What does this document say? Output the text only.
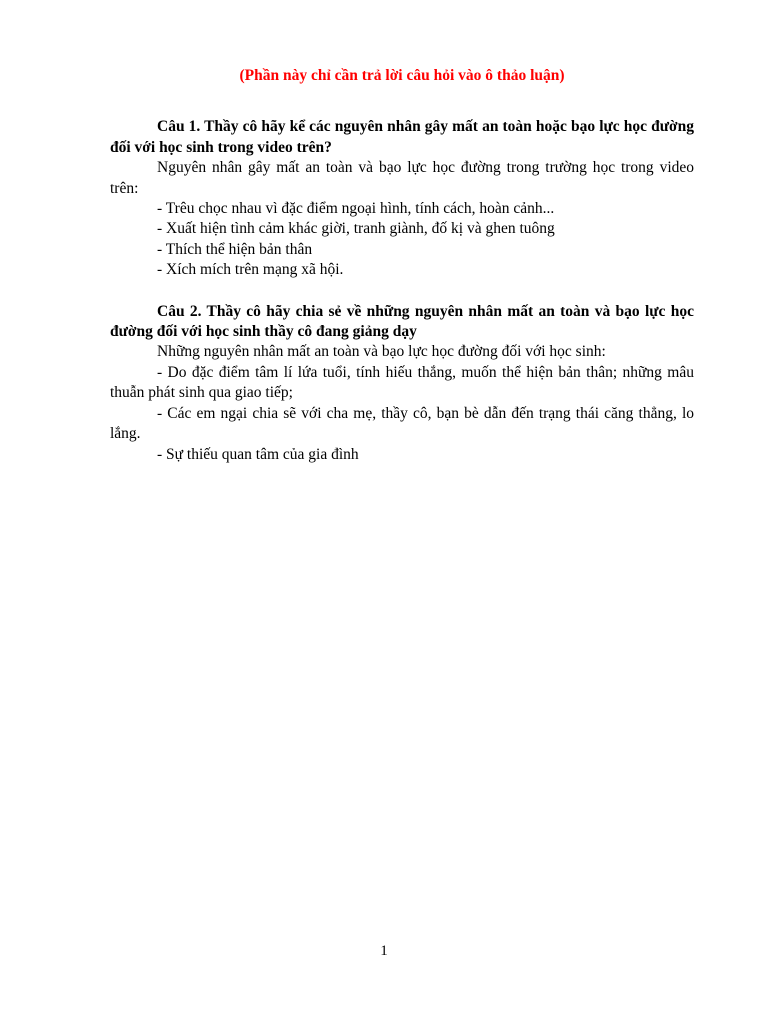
(Phần này chỉ cần trả lời câu hỏi vào ô thảo luận)

Câu 1. Thầy cô hãy kể các nguyên nhân gây mất an toàn hoặc bạo lực học đường đối với học sinh trong video trên?

Nguyên nhân gây mất an toàn và bạo lực học đường trong trường học trong video trên:

- Trêu chọc nhau vì đặc điểm ngoại hình, tính cách, hoàn cảnh...

- Xuất hiện tình cảm khác giời, tranh giành, đố kị và ghen tuông

- Thích thể hiện bản thân

- Xích mích trên mạng xã hội.

Câu 2. Thầy cô hãy chia sẻ về những nguyên nhân mất an toàn và bạo lực học đường đối với học sinh thầy cô đang giảng dạy

Những nguyên nhân mất an toàn và bạo lực học đường đối với học sinh:

- Do đặc điểm tâm lí lứa tuổi, tính hiếu thắng, muốn thể hiện bản thân; những mâu thuẫn phát sinh qua giao tiếp;

- Các em ngại chia sẽ với cha mẹ, thầy cô, bạn bè dẫn đến trạng thái căng thẳng, lo lắng.

- Sự thiếu quan tâm của gia đình

1
